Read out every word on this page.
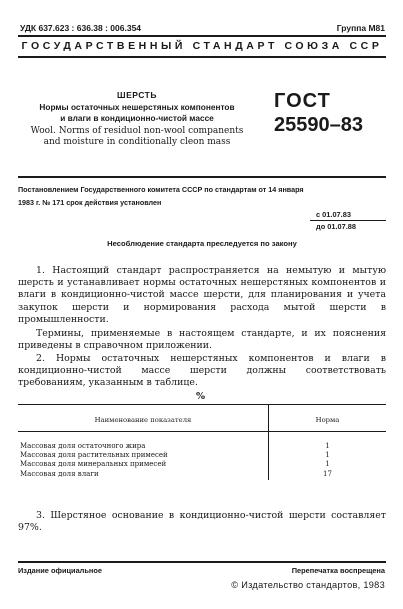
УДК 637.623 : 636.38 : 006.354	Группа М81
ГОСУДАРСТВЕННЫЙ СТАНДАРТ СОЮЗА ССР
ШЕРСТЬ
Нормы остаточных нешерстяных компонентов
и влаги в кондиционно-чистой массе
Wool. Norms of residuol non-wool companents
and moisture in conditionally cleon mass
ГОСТ
25590–83
Постановлением Государственного комитета СССР по стандартам от 14 января
1983 г. № 171 срок действия установлен
с 01.07.83
до 01.07.88
Несоблюдение стандарта преследуется по закону

1. Настоящий стандарт распространяется на немытую и мытую шерсть и устанавливает нормы остаточных нешерстяных компонентов и влаги в кондиционно-чистой массе шерсти, для планирования и учета закупок шерсти и нормирования расхода мытой шерсти в промышленности.

Термины, применяемые в настоящем стандарте, и их пояснения приведены в справочном приложении.

2. Нормы остаточных нешерстяных компонентов и влаги в кондиционно-чистой массе шерсти должны соответствовать требованиям, указанным в таблице.

%
Наименование показателя	Норма
Массовая доля остаточного жира	1
Массовая доля растительных примесей	1
Массовая доля минеральных примесей	1
Массовая доля влаги	17

3. Шерстяное основание в кондиционно-чистой шерсти составляет 97%.

Издание официальное	Перепечатка воспрещена
© Издательство стандартов, 1983
